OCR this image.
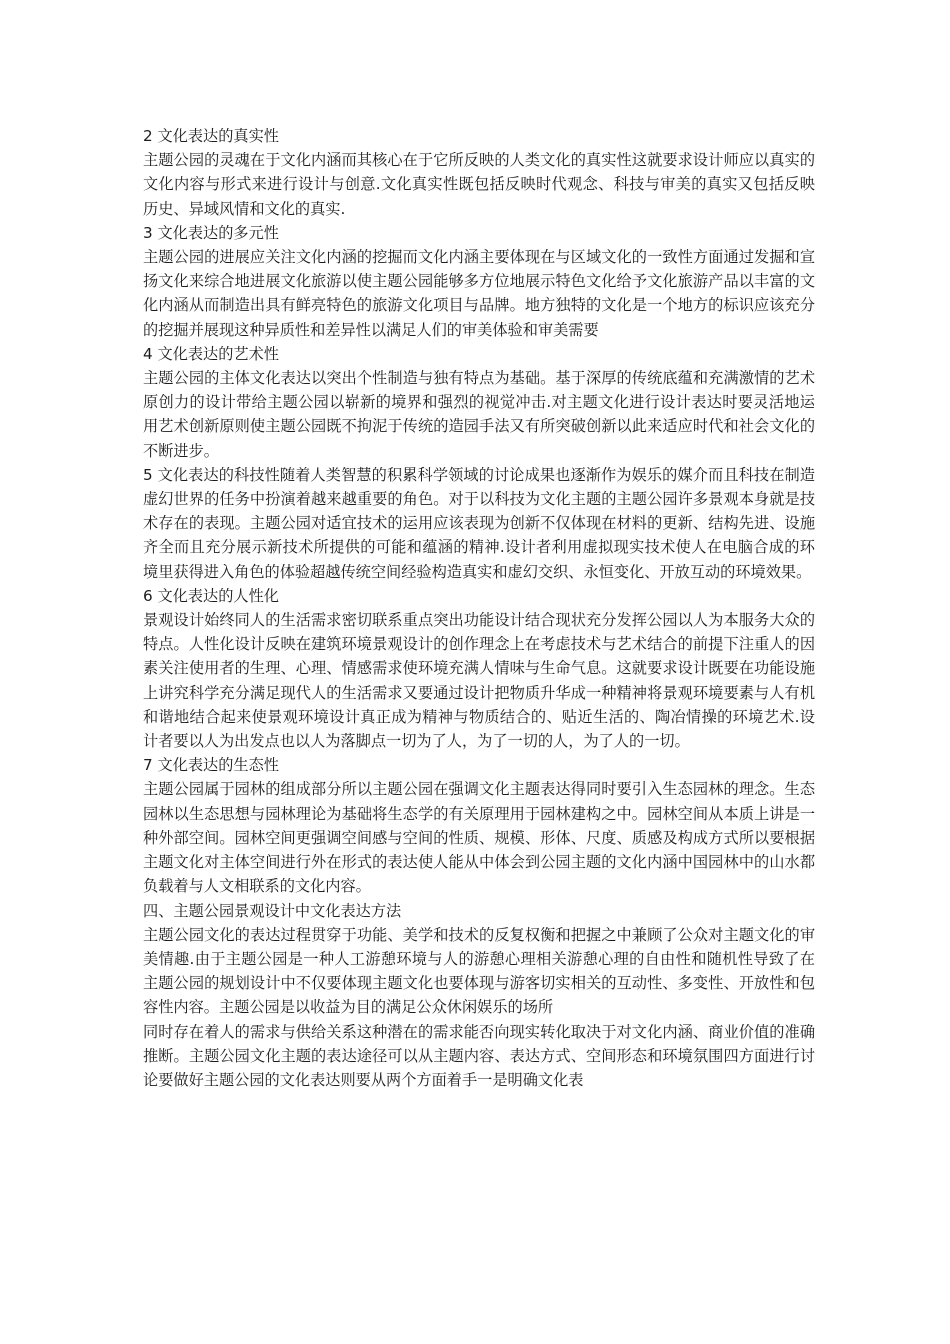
2 文化表达的真实性

主题公园的灵魂在于文化内涵而其核心在于它所反映的人类文化的真实性这就要求设计师应以真实的文化内容与形式来进行设计与创意.文化真实性既包括反映时代观念、科技与审美的真实又包括反映历史、异域风情和文化的真实.

3 文化表达的多元性

主题公园的进展应关注文化内涵的挖掘而文化内涵主要体现在与区域文化的一致性方面通过发掘和宣扬文化来综合地进展文化旅游以使主题公园能够多方位地展示特色文化给予文化旅游产品以丰富的文化内涵从而制造出具有鲜亮特色的旅游文化项目与品牌。地方独特的文化是一个地方的标识应该充分的挖掘并展现这种异质性和差异性以满足人们的审美体验和审美需要

4 文化表达的艺术性

主题公园的主体文化表达以突出个性制造与独有特点为基础。基于深厚的传统底蕴和充满激情的艺术原创力的设计带给主题公园以崭新的境界和强烈的视觉冲击.对主题文化进行设计表达时要灵活地运用艺术创新原则使主题公园既不拘泥于传统的造园手法又有所突破创新以此来适应时代和社会文化的不断进步。

5 文化表达的科技性随着人类智慧的积累科学领域的讨论成果也逐渐作为娱乐的媒介而且科技在制造虚幻世界的任务中扮演着越来越重要的角色。对于以科技为文化主题的主题公园许多景观本身就是技术存在的表现。主题公园对适宜技术的运用应该表现为创新不仅体现在材料的更新、结构先进、设施齐全而且充分展示新技术所提供的可能和蕴涵的精神.设计者利用虚拟现实技术使人在电脑合成的环境里获得进入角色的体验超越传统空间经验构造真实和虚幻交织、永恒变化、开放互动的环境效果。

6 文化表达的人性化

景观设计始终同人的生活需求密切联系重点突出功能设计结合现状充分发挥公园以人为本服务大众的特点。人性化设计反映在建筑环境景观设计的创作理念上在考虑技术与艺术结合的前提下注重人的因素关注使用者的生理、心理、情感需求使环境充满人情味与生命气息。这就要求设计既要在功能设施上讲究科学充分满足现代人的生活需求又要通过设计把物质升华成一种精神将景观环境要素与人有机和谐地结合起来使景观环境设计真正成为精神与物质结合的、贴近生活的、陶冶情操的环境艺术.设计者要以人为出发点也以人为落脚点一切为了人，为了一切的人，为了人的一切。

7 文化表达的生态性

主题公园属于园林的组成部分所以主题公园在强调文化主题表达得同时要引入生态园林的理念。生态园林以生态思想与园林理论为基础将生态学的有关原理用于园林建构之中。园林空间从本质上讲是一种外部空间。园林空间更强调空间感与空间的性质、规模、形体、尺度、质感及构成方式所以要根据主题文化对主体空间进行外在形式的表达使人能从中体会到公园主题的文化内涵中国园林中的山水都负载着与人文相联系的文化内容。

四、主题公园景观设计中文化表达方法

主题公园文化的表达过程贯穿于功能、美学和技术的反复权衡和把握之中兼顾了公众对主题文化的审美情趣.由于主题公园是一种人工游憩环境与人的游憩心理相关游憩心理的自由性和随机性导致了在主题公园的规划设计中不仅要体现主题文化也要体现与游客切实相关的互动性、多变性、开放性和包容性内容。主题公园是以收益为目的满足公众休闲娱乐的场所

同时存在着人的需求与供给关系这种潜在的需求能否向现实转化取决于对文化内涵、商业价值的准确推断。主题公园文化主题的表达途径可以从主题内容、表达方式、空间形态和环境氛围四方面进行讨论要做好主题公园的文化表达则要从两个方面着手一是明确文化表
